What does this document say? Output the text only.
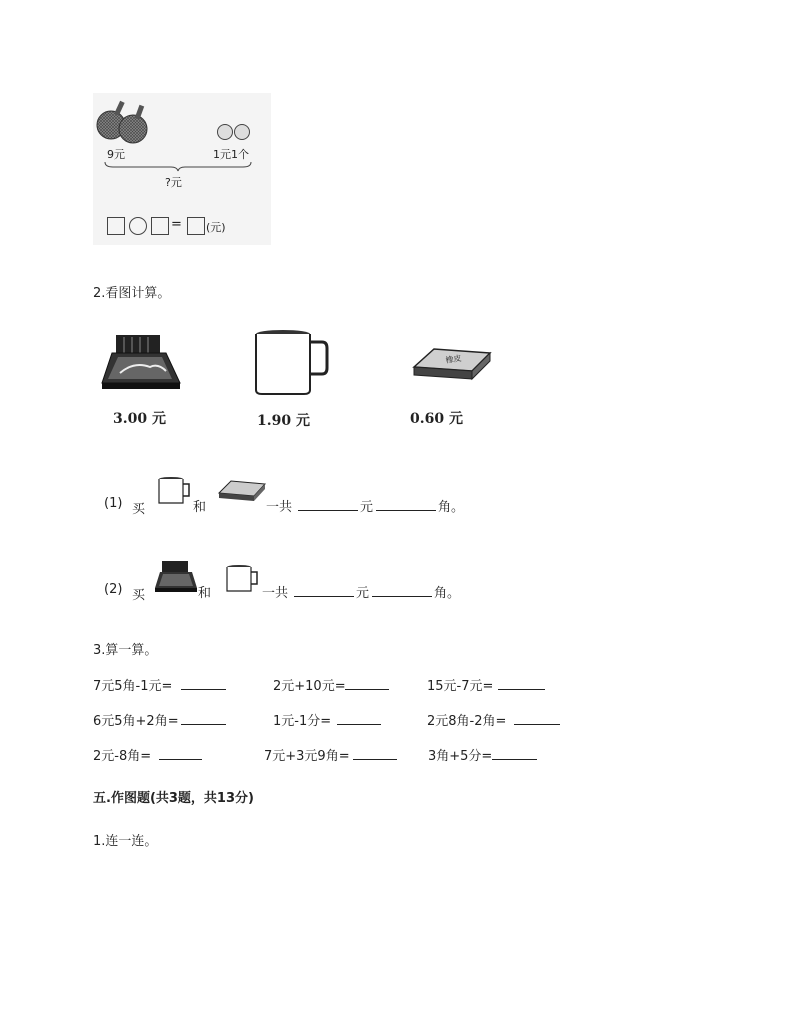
9元	1元1个
?元
= (元)
2.看图计算。
3.00 元	1.90 元
橡皮
0.60 元
(1) 买	和	一共	元	角。
(2) 买	和	一共	元	角。
3.算一算。
7元5角-1元=	2元+10元=	15元-7元=
6元5角+2角=	1元-1分=	2元8角-2角=
2元-8角=	7元+3元9角=	3角+5分=
五.作图题(共3题，共13分)
1.连一连。
